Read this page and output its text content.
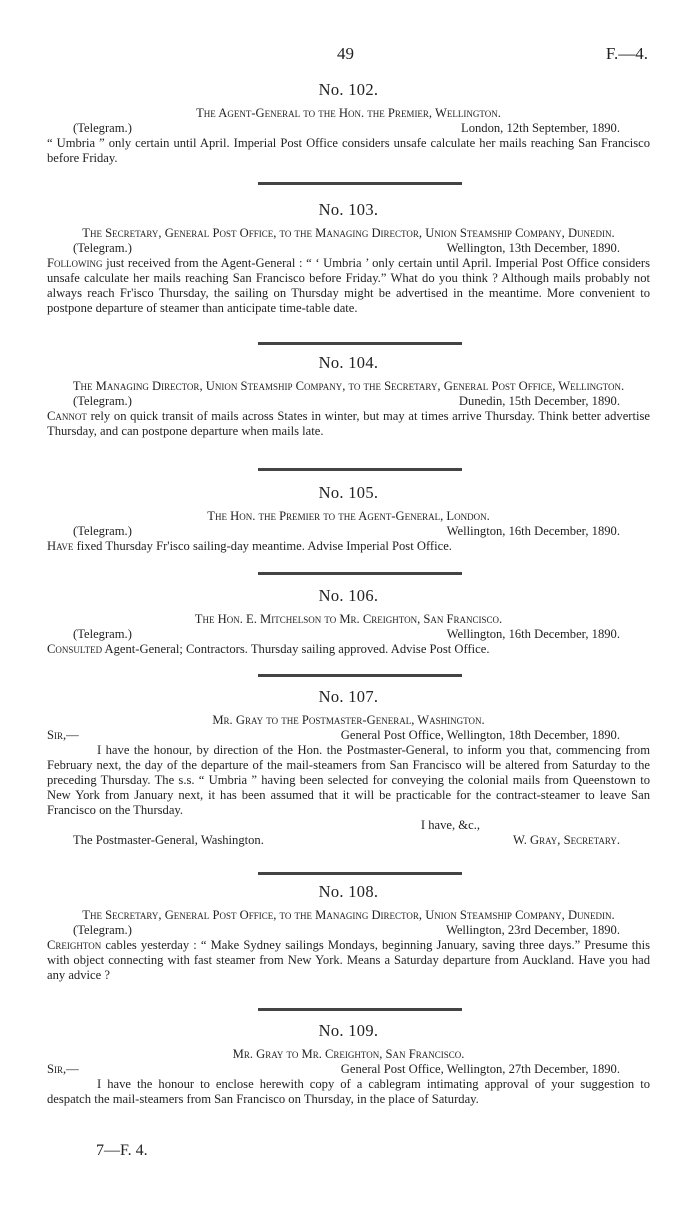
49	F.—4.
No. 102.
The Agent-General to the Hon. the Premier, Wellington.
(Telegram.)	London, 12th September, 1890.
“ Umbria ” only certain until April. Imperial Post Office considers unsafe calculate her mails reaching San Francisco before Friday.
No. 103.
The Secretary, General Post Office, to the Managing Director, Union Steamship Company, Dunedin.
(Telegram.)	Wellington, 13th December, 1890.
Following just received from the Agent-General : “ ‘ Umbria ’ only certain until April. Imperial Post Office considers unsafe calculate her mails reaching San Francisco before Friday.” What do you think ? Although mails probably not always reach Fr'isco Thursday, the sailing on Thursday might be advertised in the meantime. More convenient to postpone departure of steamer than anticipate time-table date.
No. 104.
The Managing Director, Union Steamship Company, to the Secretary, General Post Office, Wellington.
(Telegram.)	Dunedin, 15th December, 1890.
Cannot rely on quick transit of mails across States in winter, but may at times arrive Thursday. Think better advertise Thursday, and can postpone departure when mails late.
No. 105.
The Hon. the Premier to the Agent-General, London.
(Telegram.)	Wellington, 16th December, 1890.
Have fixed Thursday Fr'isco sailing-day meantime. Advise Imperial Post Office.
No. 106.
The Hon. E. Mitchelson to Mr. Creighton, San Francisco.
(Telegram.)	Wellington, 16th December, 1890.
Consulted Agent-General; Contractors. Thursday sailing approved. Advise Post Office.
No. 107.
Mr. Gray to the Postmaster-General, Washington.
Sir,—	General Post Office, Wellington, 18th December, 1890.
I have the honour, by direction of the Hon. the Postmaster-General, to inform you that, commencing from February next, the day of the departure of the mail-steamers from San Francisco will be altered from Saturday to the preceding Thursday. The s.s. “ Umbria ” having been selected for conveying the colonial mails from Queenstown to New York from January next, it has been assumed that it will be practicable for the contract-steamer to leave San Francisco on the Thursday.
I have, &c.,
The Postmaster-General, Washington.	W. Gray, Secretary.
No. 108.
The Secretary, General Post Office, to the Managing Director, Union Steamship Company, Dunedin.
(Telegram.)	Wellington, 23rd December, 1890.
Creighton cables yesterday : “ Make Sydney sailings Mondays, beginning January, saving three days.” Presume this with object connecting with fast steamer from New York. Means a Saturday departure from Auckland. Have you had any advice ?
No. 109.
Mr. Gray to Mr. Creighton, San Francisco.
Sir,—	General Post Office, Wellington, 27th December, 1890.
I have the honour to enclose herewith copy of a cablegram intimating approval of your suggestion to despatch the mail-steamers from San Francisco on Thursday, in the place of Saturday.
7—F. 4.
